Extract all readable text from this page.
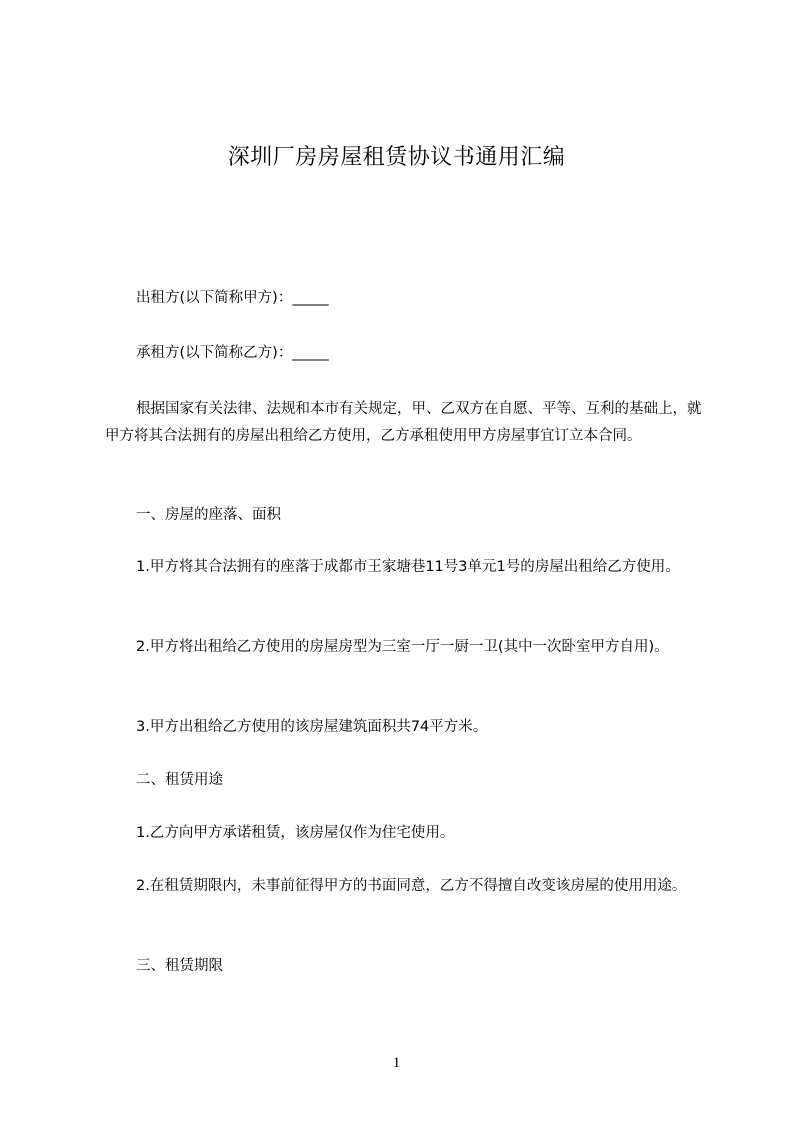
深圳厂房房屋租赁协议书通用汇编

出租方(以下简称甲方)：_____

承租方(以下简称乙方)：_____

根据国家有关法律、法规和本市有关规定，甲、乙双方在自愿、平等、互利的基础上，就甲方将其合法拥有的房屋出租给乙方使用，乙方承租使用甲方房屋事宜订立本合同。

一、房屋的座落、面积

1.甲方将其合法拥有的座落于成都市王家塘巷11号3单元1号的房屋出租给乙方使用。

2.甲方将出租给乙方使用的房屋房型为三室一厅一厨一卫(其中一次卧室甲方自用)。

3.甲方出租给乙方使用的该房屋建筑面积共74平方米。

二、租赁用途

1.乙方向甲方承诺租赁，该房屋仅作为住宅使用。

2.在租赁期限内，未事前征得甲方的书面同意，乙方不得擅自改变该房屋的使用用途。

三、租赁期限

1
